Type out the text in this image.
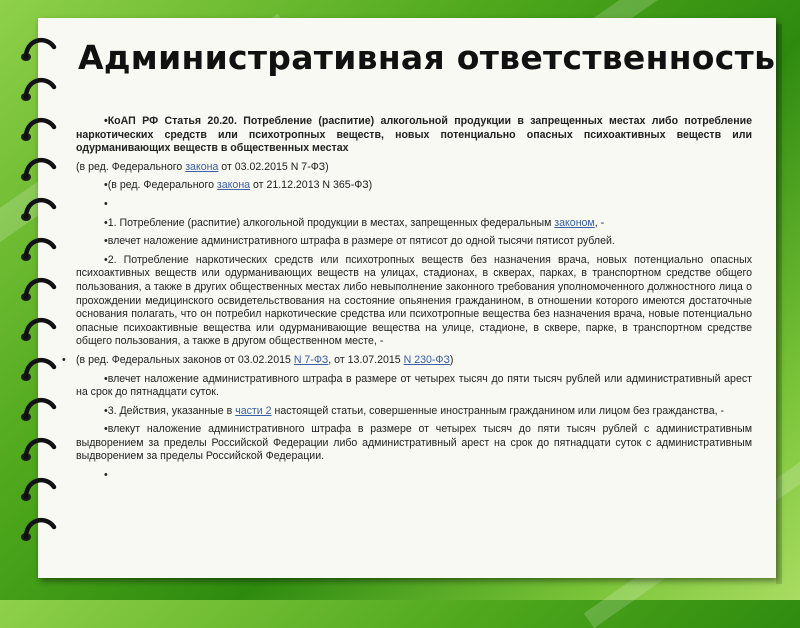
Административная ответственность

•КоАП РФ Статья 20.20. Потребление (распитие) алкогольной продукции в запрещенных местах либо потребление наркотических средств или психотропных веществ, новых потенциально опасных психоактивных веществ или одурманивающих веществ в общественных местах

(в ред. Федерального закона от 03.02.2015 N 7-ФЗ)

•(в ред. Федерального закона от 21.12.2013 N 365-ФЗ)

•

•1. Потребление (распитие) алкогольной продукции в местах, запрещенных федеральным законом, -

•влечет наложение административного штрафа в размере от пятисот до одной тысячи пятисот рублей.

•2. Потребление наркотических средств или психотропных веществ без назначения врача, новых потенциально опасных психоактивных веществ или одурманивающих веществ на улицах, стадионах, в скверах, парках, в транспортном средстве общего пользования, а также в других общественных местах либо невыполнение законного требования уполномоченного должностного лица о прохождении медицинского освидетельствования на состояние опьянения гражданином, в отношении которого имеются достаточные основания полагать, что он потребил наркотические средства или психотропные вещества без назначения врача, новые потенциально опасные психоактивные вещества или одурманивающие вещества на улице, стадионе, в сквере, парке, в транспортном средстве общего пользования, а также в другом общественном месте, -

• (в ред. Федеральных законов от 03.02.2015 N 7-ФЗ, от 13.07.2015 N 230-ФЗ)

•влечет наложение административного штрафа в размере от четырех тысяч до пяти тысяч рублей или административный арест на срок до пятнадцати суток.

•3. Действия, указанные в части 2 настоящей статьи, совершенные иностранным гражданином или лицом без гражданства, -

•влекут наложение административного штрафа в размере от четырех тысяч до пяти тысяч рублей с административным выдворением за пределы Российской Федерации либо административный арест на срок до пятнадцати суток с административным выдворением за пределы Российской Федерации.

•
